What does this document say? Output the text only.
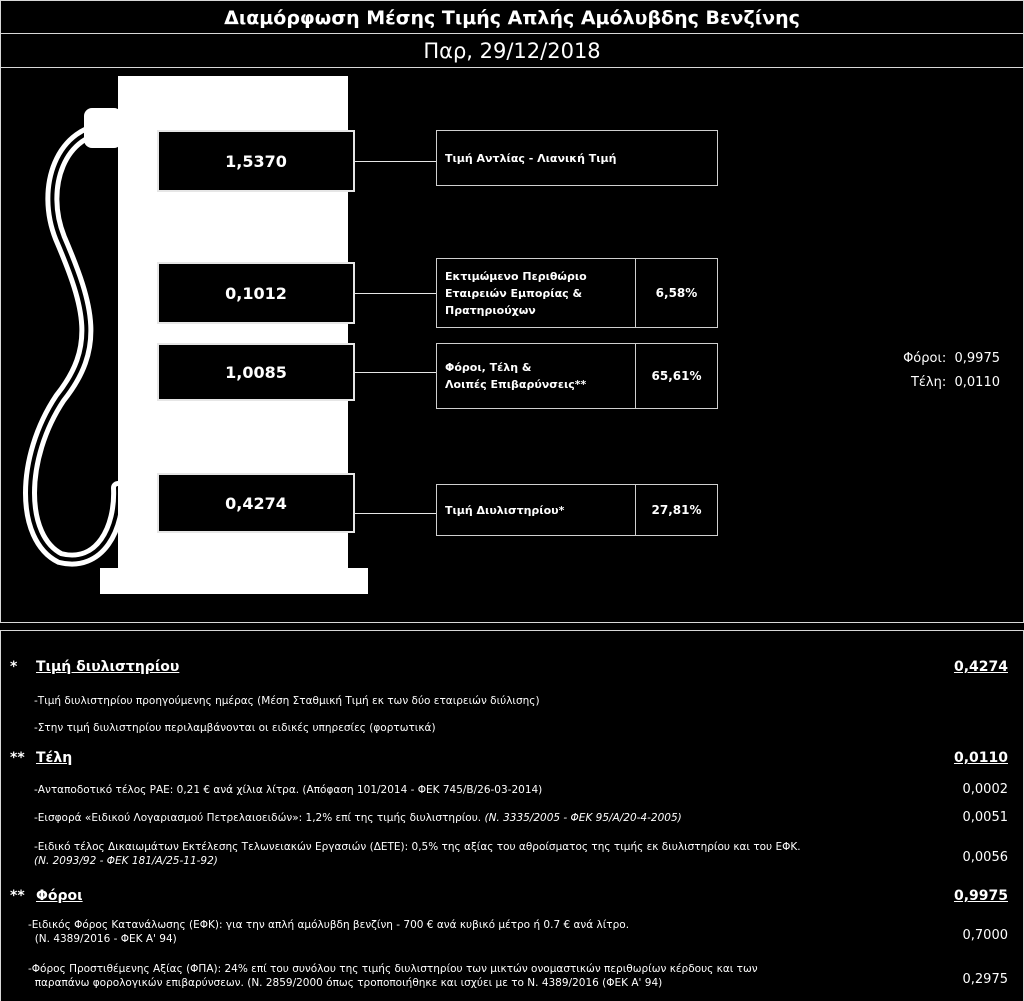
Διαμόρφωση Μέσης Τιμής Απλής Αμόλυβδης Βενζίνης
Παρ, 29/12/2018
1,5370
0,1012
1,0085
0,4274
Τιμή Αντλίας - Λιανική Τιμή
Εκτιμώμενο Περιθώριο
Εταιρειών Εμπορίας &
Πρατηριούχων
6,58%
Φόροι, Τέλη &
Λοιπές Επιβαρύνσεις**
65,61%
Τιμή Διυλιστηρίου*	27,81%
Φόροι: 0,9975
Τέλη: 0,0110
* Τιμή διυλιστηρίου	0,4274
-Τιμή διυλιστηρίου προηγούμενης ημέρας (Μέση Σταθμική Τιμή εκ των δύο εταιρειών διύλισης)
-Στην τιμή διυλιστηρίου περιλαμβάνονται οι ειδικές υπηρεσίες (φορτωτικά)
** Τέλη	0,0110
-Ανταποδοτικό τέλος ΡΑΕ: 0,21 € ανά χίλια λίτρα. (Απόφαση 101/2014 - ΦΕΚ 745/Β/26-03-2014)	0,0002
-Εισφορά «Ειδικού Λογαριασμού Πετρελαιοειδών»: 1,2% επί της τιμής διυλιστηρίου. (Ν. 3335/2005 - ΦΕΚ 95/Α/20-4-2005)	0,0051
-Ειδικό τέλος Δικαιωμάτων Εκτέλεσης Τελωνειακών Εργασιών (ΔΕΤΕ): 0,5% της αξίας του αθροίσματος της τιμής εκ διυλιστηρίου και του ΕΦΚ.
(Ν. 2093/92 - ΦΕΚ 181/Α/25-11-92)	0,0056
** Φόροι	0,9975
-Ειδικός Φόρος Κατανάλωσης (ΕΦΚ): για την απλή αμόλυβδη βενζίνη - 700 € ανά κυβικό μέτρο ή 0.7 € ανά λίτρο.
(Ν. 4389/2016 - ΦΕΚ Α' 94)	0,7000
-Φόρος Προστιθέμενης Αξίας (ΦΠΑ): 24% επί του συνόλου της τιμής διυλιστηρίου των μικτών ονομαστικών περιθωρίων κέρδους και των
παραπάνω φορολογικών επιβαρύνσεων. (Ν. 2859/2000 όπως τροποποιήθηκε και ισχύει με το Ν. 4389/2016 (ΦΕΚ Α' 94)	0,2975
